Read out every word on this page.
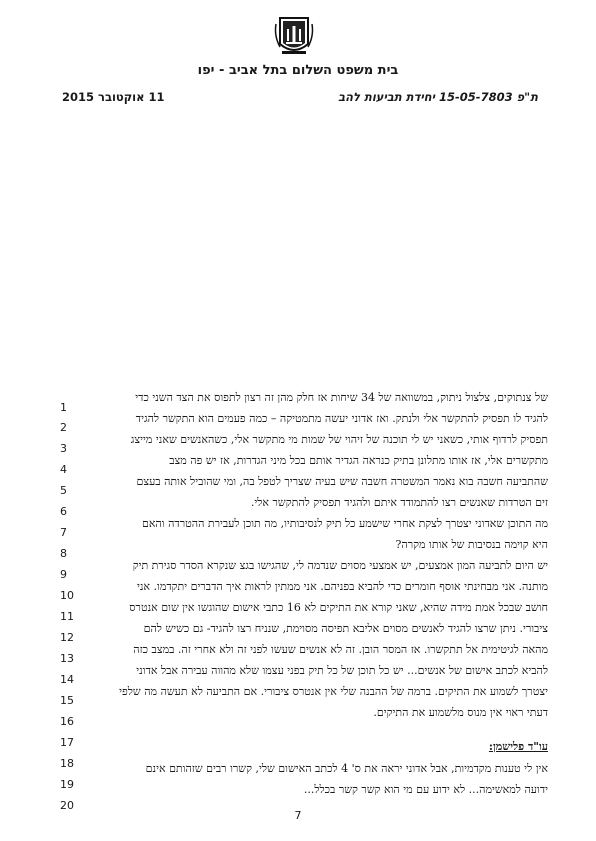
בית משפט השלום בתל אביב - יפו
ת"פ 15-05-7803 יחידת תביעות להב
11 אוקטובר 2015
1
2
3
4
5
6
7
8
9
10
11
12
13
14
15
16
17
18
19
20
של צנתוקים, צלצול ניתוק, במשוואה של 34 שיחות אז חלק מהן זה רצון לתפוס את הצד השני כדי
להגיד לו תפסיק להתקשר אלי ולנתק. ואז אדוני יעשה מתמטיקה – כמה פעמים הוא התקשר להגיד
תפסיק לרדוף אותי, כשאני יש לי תוכנה של זיהוי של שמות מי מתקשר אלי, כשהאנשים שאני מייצג
מתקשרים אלי, אז אותו מתלונן בתיק כנראה הגדיר אותם בכל מיני הגדרות, אז יש פה מצב
שהתביעה חשבה בוא נאמר המשטרה חשבה שיש בעיה שצריך לטפל בה, ומי שהוביל אותה בעצם
זים הטרדות שאנשים רצו להתמודד איתם ולהגיד תפסיק להתקשר אלי.
מה התוכן שאדוני יצטרך לצקת אחרי שישמע כל תיק לנסיבותיו, מה תוכן לעבירת ההטרדה והאם
היא קוימה בנסיבות של אותו מקרה?
יש היום לתביעה המון אמצעים, יש אמצעי מסוים שנדמה לי, שהגישו בגצ שנקרא הסדר סגירת תיק
מותנה. אני מבחינתי אוסף חומרים כדי להביא בפניהם. אני ממתין לראות איך הדברים יתקדמו. אני
חושב שבכל אמת מידה שהיא, שאני קורא את התיקים לא 16 כתבי אישום שהוגשו אין שום אנטרס
ציבורי. ניתן שרצו להגיד לאנשים מסוים אליבא תפיסה מסוימת, שנניח רצו להגיד- גם כשיש להם
מהאה לגיטימית אל תתקשרו. אז המסר הובן. זה לא אנשים שעשו לפני זה ולא אחרי זה. במצב כזה
להביא לכתב אישום של אנשים... יש כל תוכן של כל תיק בפני עצמו שלא מהווה עבירה אבל אדוני
יצטרך לשמוע את התיקים. ברמה של ההבנה שלי אין אנטרס ציבורי. אם התביעה לא תעשה מה שלפי
דעתי ראוי אין מנוס מלשמוע את התיקים.
עו"ד פלישמן:
אין לי טענות מקדמיות, אבל אדוני יראה את ס' 4 לכתב האישום שלי, קשרו רבים שזהותם אינם
ידועה למאשימה... לא ידוע עם מי הוא קשר קשר בכלל...
7
